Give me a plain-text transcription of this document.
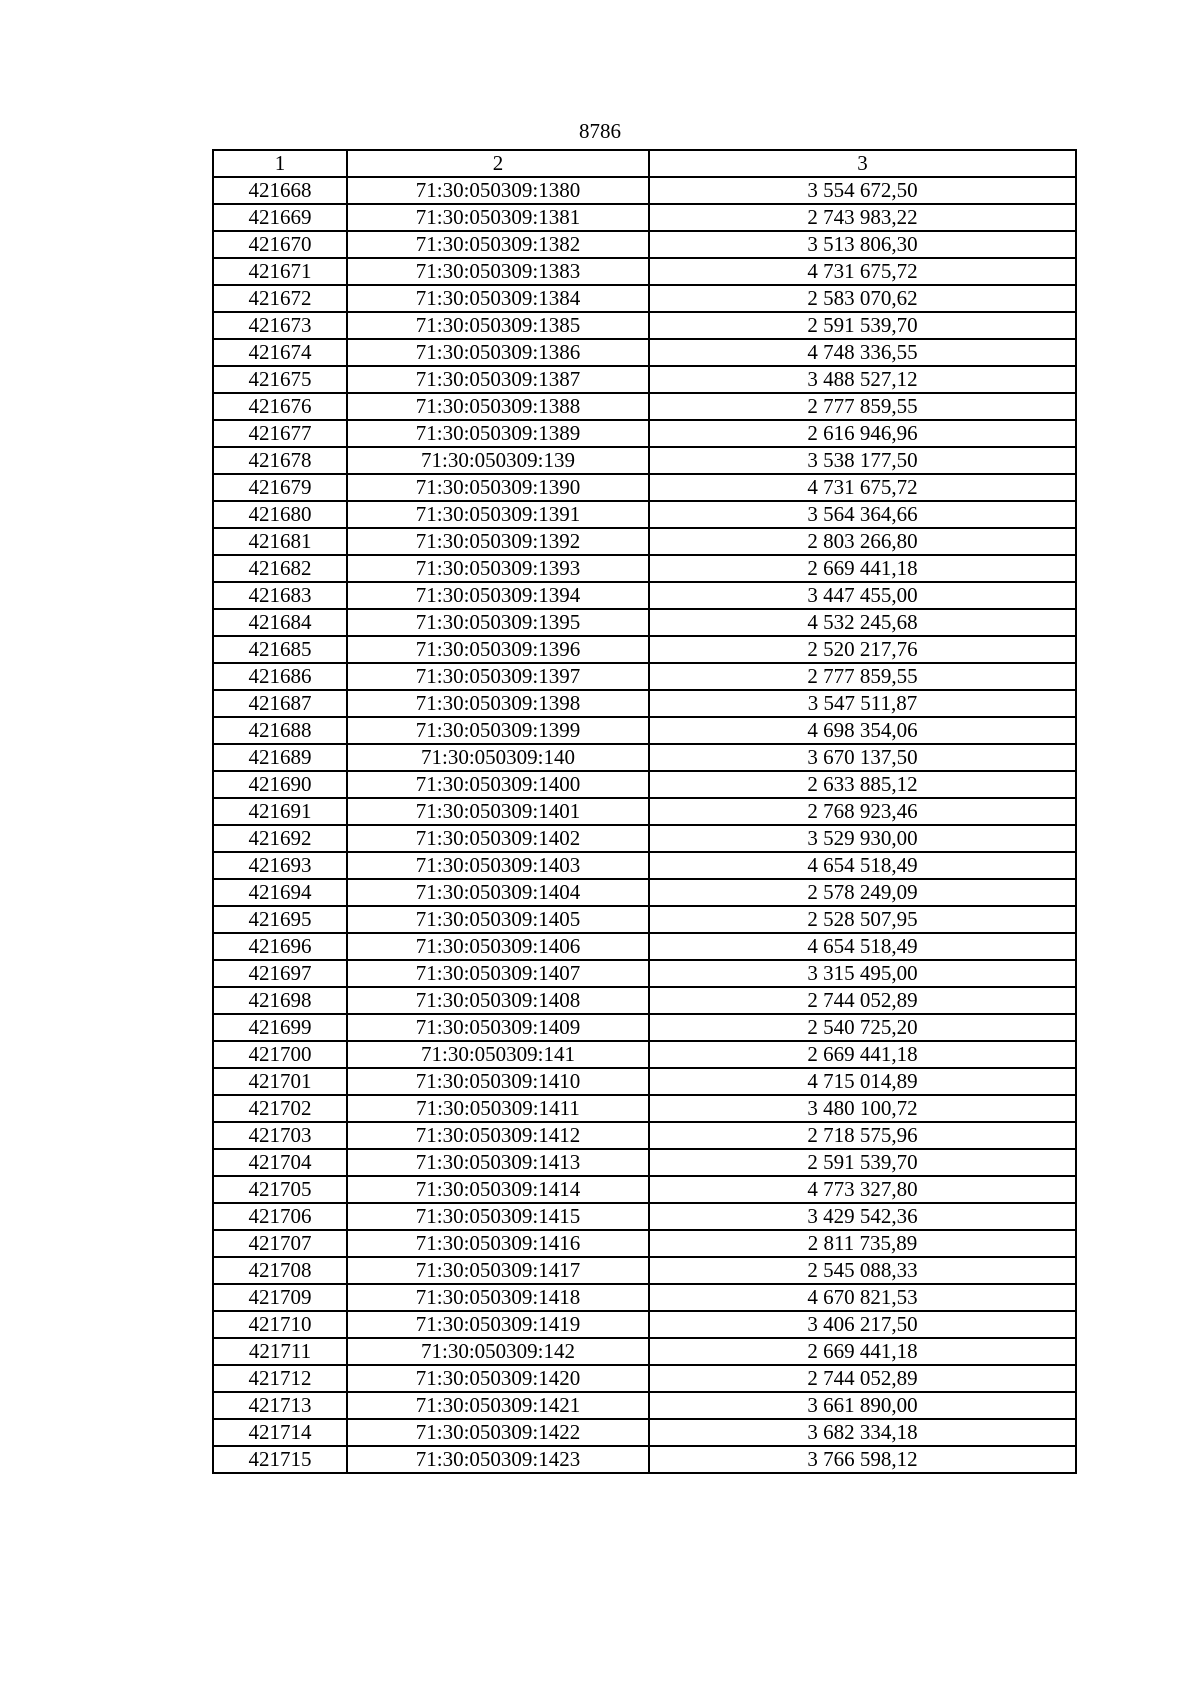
8786
1	2	3
421668	71:30:050309:1380	3 554 672,50
421669	71:30:050309:1381	2 743 983,22
421670	71:30:050309:1382	3 513 806,30
421671	71:30:050309:1383	4 731 675,72
421672	71:30:050309:1384	2 583 070,62
421673	71:30:050309:1385	2 591 539,70
421674	71:30:050309:1386	4 748 336,55
421675	71:30:050309:1387	3 488 527,12
421676	71:30:050309:1388	2 777 859,55
421677	71:30:050309:1389	2 616 946,96
421678	71:30:050309:139	3 538 177,50
421679	71:30:050309:1390	4 731 675,72
421680	71:30:050309:1391	3 564 364,66
421681	71:30:050309:1392	2 803 266,80
421682	71:30:050309:1393	2 669 441,18
421683	71:30:050309:1394	3 447 455,00
421684	71:30:050309:1395	4 532 245,68
421685	71:30:050309:1396	2 520 217,76
421686	71:30:050309:1397	2 777 859,55
421687	71:30:050309:1398	3 547 511,87
421688	71:30:050309:1399	4 698 354,06
421689	71:30:050309:140	3 670 137,50
421690	71:30:050309:1400	2 633 885,12
421691	71:30:050309:1401	2 768 923,46
421692	71:30:050309:1402	3 529 930,00
421693	71:30:050309:1403	4 654 518,49
421694	71:30:050309:1404	2 578 249,09
421695	71:30:050309:1405	2 528 507,95
421696	71:30:050309:1406	4 654 518,49
421697	71:30:050309:1407	3 315 495,00
421698	71:30:050309:1408	2 744 052,89
421699	71:30:050309:1409	2 540 725,20
421700	71:30:050309:141	2 669 441,18
421701	71:30:050309:1410	4 715 014,89
421702	71:30:050309:1411	3 480 100,72
421703	71:30:050309:1412	2 718 575,96
421704	71:30:050309:1413	2 591 539,70
421705	71:30:050309:1414	4 773 327,80
421706	71:30:050309:1415	3 429 542,36
421707	71:30:050309:1416	2 811 735,89
421708	71:30:050309:1417	2 545 088,33
421709	71:30:050309:1418	4 670 821,53
421710	71:30:050309:1419	3 406 217,50
421711	71:30:050309:142	2 669 441,18
421712	71:30:050309:1420	2 744 052,89
421713	71:30:050309:1421	3 661 890,00
421714	71:30:050309:1422	3 682 334,18
421715	71:30:050309:1423	3 766 598,12
